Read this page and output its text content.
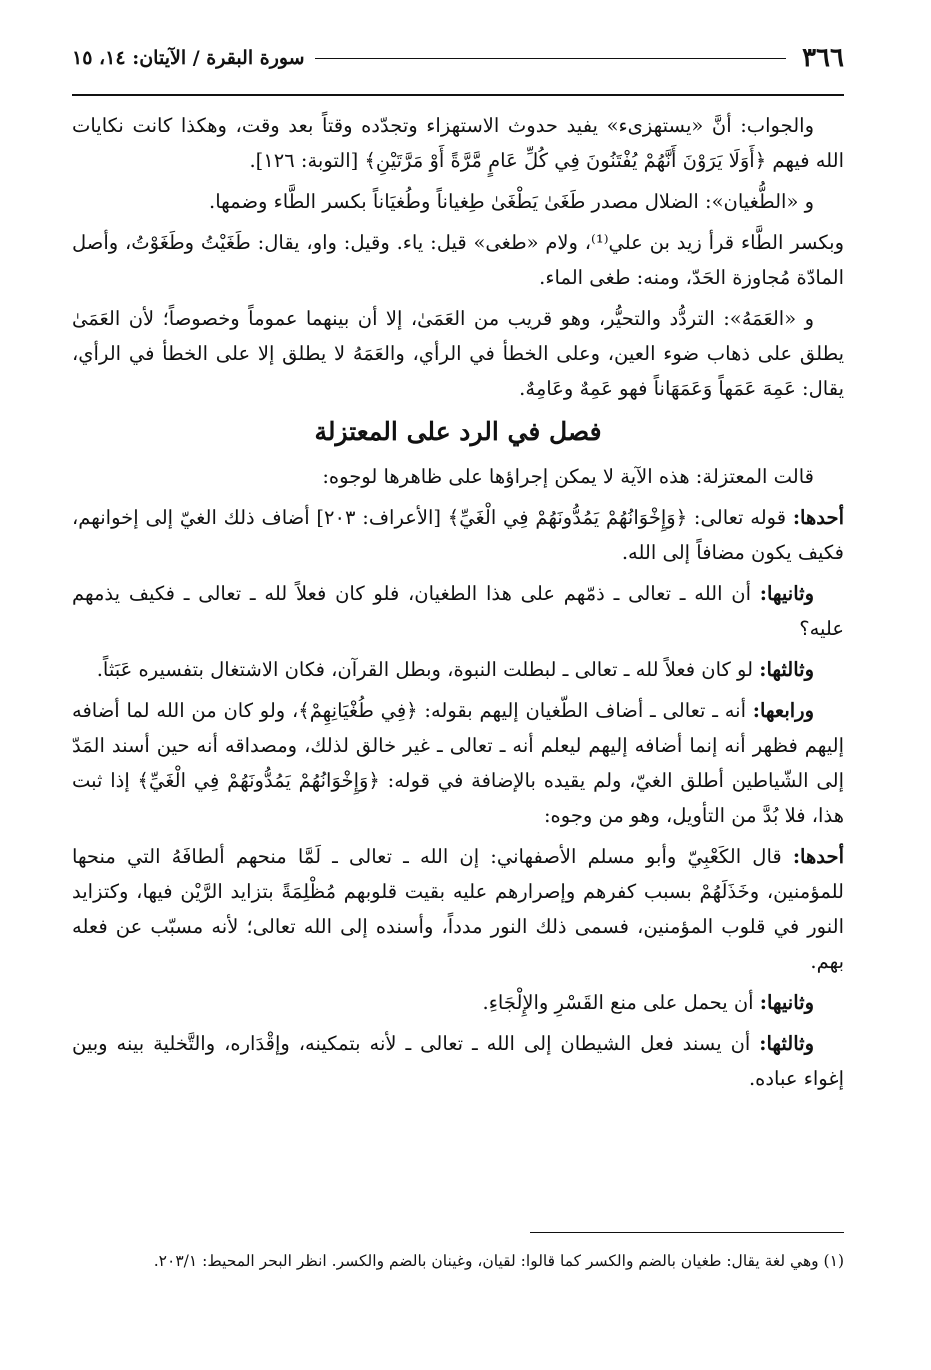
٣٦٦
سورة البقرة / الآيتان: ١٤، ١٥

والجواب: أنَّ «يستهزىء» يفيد حدوث الاستهزاء وتجدّده وقتاً بعد وقت، وهكذا كانت نكايات الله فيهم ﴿أَوَلَا يَرَوْنَ أَنَّهُمْ يُفْتَنُونَ فِي كُلِّ عَامٍ مَّرَّةً أَوْ مَرَّتَيْنِ﴾ [التوبة: ١٢٦].

و «الطُّغيان»: الضلال مصدر طَغَىٰ يَطْغَىٰ طِغياناً وطُغيَاناً بكسر الطَّاء وضمها.

وبكسر الطَّاء قرأ زيد بن علي⁽¹⁾، ولام «طغى» قيل: ياء. وقيل: واو، يقال: طَغَيْتُ وطَغَوْتُ، وأصل المادّة مُجاوزة الحَدّ، ومنه: طغى الماء.

و «العَمَهُ»: التردُّد والتحيُّر، وهو قريب من العَمَىٰ، إلا أن بينهما عموماً وخصوصاً؛ لأن العَمَىٰ يطلق على ذهاب ضوء العين، وعلى الخطأ في الرأي، والعَمَهُ لا يطلق إلا على الخطأ في الرأي، يقال: عَمِهَ عَمَهاً وَعَمَهَاناً فهو عَمِهٌ وعَامِهٌ.

فصل في الرد على المعتزلة

قالت المعتزلة: هذه الآية لا يمكن إجراؤها على ظاهرها لوجوه:

أحدها: قوله تعالى: ﴿وَإِخْوَانُهُمْ يَمُدُّونَهُمْ فِي الْغَيِّ﴾ [الأعراف: ٢٠٣] أضاف ذلك الغيّ إلى إخوانهم، فكيف يكون مضافاً إلى الله.

وثانيها: أن الله ـ تعالى ـ ذمّهم على هذا الطغيان، فلو كان فعلاً لله ـ تعالى ـ فكيف يذمهم عليه؟

وثالثها: لو كان فعلاً لله ـ تعالى ـ لبطلت النبوة، وبطل القرآن، فكان الاشتغال بتفسيره عَبَثاً.

ورابعها: أنه ـ تعالى ـ أضاف الطّغيان إليهم بقوله: ﴿فِي طُغْيَانِهِمْ﴾، ولو كان من الله لما أضافه إليهم فظهر أنه إنما أضافه إليهم ليعلم أنه ـ تعالى ـ غير خالق لذلك، ومصداقه أنه حين أسند المَدّ إلى الشّياطين أطلق الغيّ، ولم يقيده بالإضافة في قوله: ﴿وَإِخْوَانُهُمْ يَمُدُّونَهُمْ فِي الْغَيِّ﴾ إذا ثبت هذا، فلا بُدَّ من التأويل، وهو من وجوه:

أحدها: قال الكَعْبِيّ وأبو مسلم الأصفهاني: إن الله ـ تعالى ـ لَمَّا منحهم ألطافَهُ التي منحها للمؤمنين، وخَذَلَهُمْ بسبب كفرهم وإصرارهم عليه بقيت قلوبهم مُظْلِمَةً بتزايد الرَّيْن فيها، وكتزايد النور في قلوب المؤمنين، فسمى ذلك النور مدداً، وأسنده إلى الله تعالى؛ لأنه مسبّب عن فعله بهم.

وثانيها: أن يحمل على منع القَسْرِ والإِلْجَاءِ.

وثالثها: أن يسند فعل الشيطان إلى الله ـ تعالى ـ لأنه بتمكينه، وإقْدَاره، والتَّخلية بينه وبين إغواء عباده.

(١) وهي لغة يقال: طغيان بالضم والكسر كما قالوا: لقيان، وغينان بالضم والكسر. انظر البحر المحيط: ٢٠٣/١.
